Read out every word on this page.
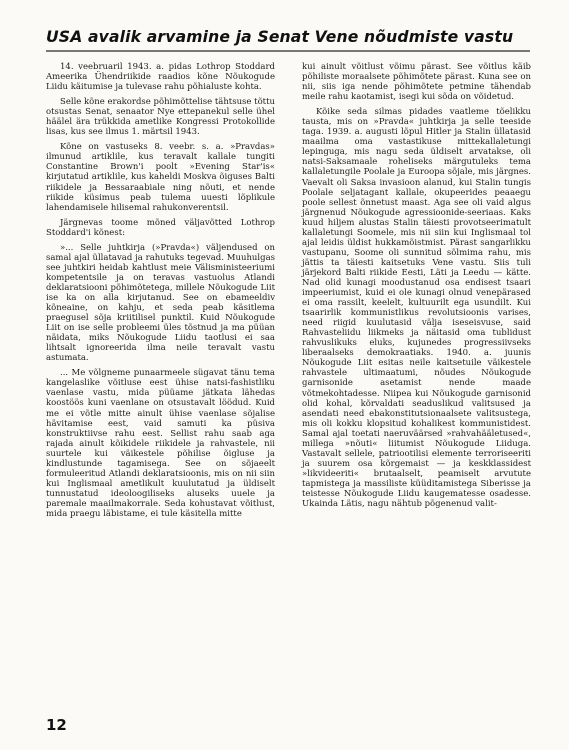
USA avalik arvamine ja Senat Vene nõudmiste vastu

14. veebruaril 1943. a. pidas Lothrop Stoddard Ameerika Ühendriikide raadios kõne Nõukogude Liidu käitumise ja tulevase rahu põhialuste kohta.

Selle kõne erakordse põhimõttelise tähtsuse tõttu otsustas Senat, senaator Nye ettepanekul selle ühel häälel ära trükkida ametlike Kongressi Protokollide lisas, kus see ilmus 1. märtsil 1943.

Kõne on vastuseks 8. veebr. s. a. »Pravdas» ilmunud artiklile, kus teravalt kallale tungiti Constantine Brown'i poolt »Evening Star'is« kirjutatud artiklile, kus kaheldi Moskva õiguses Balti riikidele ja Bessaraabiale ning nõuti, et nende riikide küsimus peab tulema uuesti lõplikule lahendamisele hilisemal rahukonverentsil.

Järgnevas toome mõned väljavõtted Lothrop Stoddard'i kõnest:

»... Selle juhtkirja (»Pravda«) väljendused on samal ajal üllatavad ja rahutuks tegevad. Muuhulgas see juhtkiri heidab kahtlust meie Välisministeeriumi kompetentsile ja on teravas vastuolus Atlandi deklaratsiooni põhimõtetega, millele Nõukogude Liit ise ka on alla kirjutanud. See on ebameeldiv kõneaine, on kahju, et seda peab käsitlema praegusel sõja kriitilisel punktil. Kuid Nõukogude Liit on ise selle probleemi üles tõstnud ja ma püüan näidata, miks Nõukogude Liidu taotlusi ei saa lihtsalt ignoreerida ilma neile teravalt vastu astumata.

... Me võlgneme punaarmeele sügavat tänu tema kangelaslike võitluse eest ühise natsi-fashistliku vaenlase vastu, mida püüame jätkata lähedas koostöös kuni vaenlane on otsustavalt löödud. Kuid me ei võtle mitte ainult ühise vaenlase sõjalise hävitamise eest, vaid samuti ka püsiva konstruktiivse rahu eest. Sellist rahu saab aga rajada ainult kõikidele riikidele ja rahvastele, nii suurtele kui väikestele põhilise õigluse ja kindlustunde tagamisega. See on sõjaeelt formuleeritud Atlandi deklaratsioonis, mis on nii siin kui Inglismaal ametlikult kuulutatud ja üldiselt tunnustatud ideoloogiliseks aluseks uuele ja paremale maailmakorrale. Seda kohustavat võitlust, mida praegu läbistame, ei tule käsitella mitte

kui ainult võitlust võimu pärast. See võitlus käib põhiliste moraalsete põhimõtete pärast. Kuna see on nii, siis iga nende põhimõtete petmine tähendab meile rahu kaotamist, isegi kui sõda on võidetud.

Kõike seda silmas pidades vaatleme tõelikku tausta, mis on »Pravda« juhtkirja ja selle teeside taga. 1939. a. augusti lõpul Hitler ja Stalin üllatasid maailma oma vastastikuse mittekallaletungi lepinguga, mis nagu seda üldiselt arvatakse, oli natsi-Saksamaale roheliseks märgutuleks tema kallaletungile Poolale ja Euroopa sõjale, mis järgnes. Vaevalt oli Saksa invasioon alanud, kui Stalin tungis Poolale seljatagant kallale, okupeerides peaaegu poole sellest õnnetust maast. Aga see oli vaid algus järgnenud Nõukogude agressioonide-seeriaas. Kaks kuud hiljem alustas Stalin täiesti provotseerimatult kallaletungi Soomele, mis nii siin kui Inglismaal tol ajal leidis üldist hukkamõistmist. Pärast sangarlikku vastupanu, Soome oli sunnitud sõlmima rahu, mis jättis ta täiesti kaitsetuks Vene vastu. Siis tuli järjekord Balti riikide Eesti, Läti ja Leedu — kätte. Nad olid kunagi moodustanud osa endisest tsaari impeeriumist, kuid ei ole kunagi olnud venepärased ei oma rassilt, keelelt, kultuurilt ega usundilt. Kui tsaarirlik kommunistlikus revolutsioonis varises, need riigid kuulutasid välja iseseisvuse, said Rahvasteliidu liikmeks ja näitasid oma tublidust rahvuslikuks eluks, kujunedes progressiivseks liberaalseks demokraatiaks. 1940. a. juunis Nõukogude Liit esitas neile kaitsetuile väikestele rahvastele ultimaatumi, nõudes Nõukogude garnisonide asetamist nende maade võtmekohtadesse. Niipea kui Nõukogude garnisonid olid kohal, kõrvaldati seaduslikud valitsused ja asendati need ebakonstitutsionaalsete valitsustega, mis oli kokku klopsitud kohalikest kommunistidest. Samal ajal toetati naeruväärsed »rahvahääletused«, millega »nõuti« liitumist Nõukogude Liiduga. Vastavalt sellele, patriootilisi elemente terroriseeriti ja suurem osa kõrgemaist — ja keskklassidest »likvideeriti« brutaalselt, peamiselt arvutute tapmistega ja massiliste küüditamistega Siberisse ja teistesse Nõukogude Liidu kaugematesse osadesse. Ukainda Lätis, nagu nähtub põgenenud valit-

12
